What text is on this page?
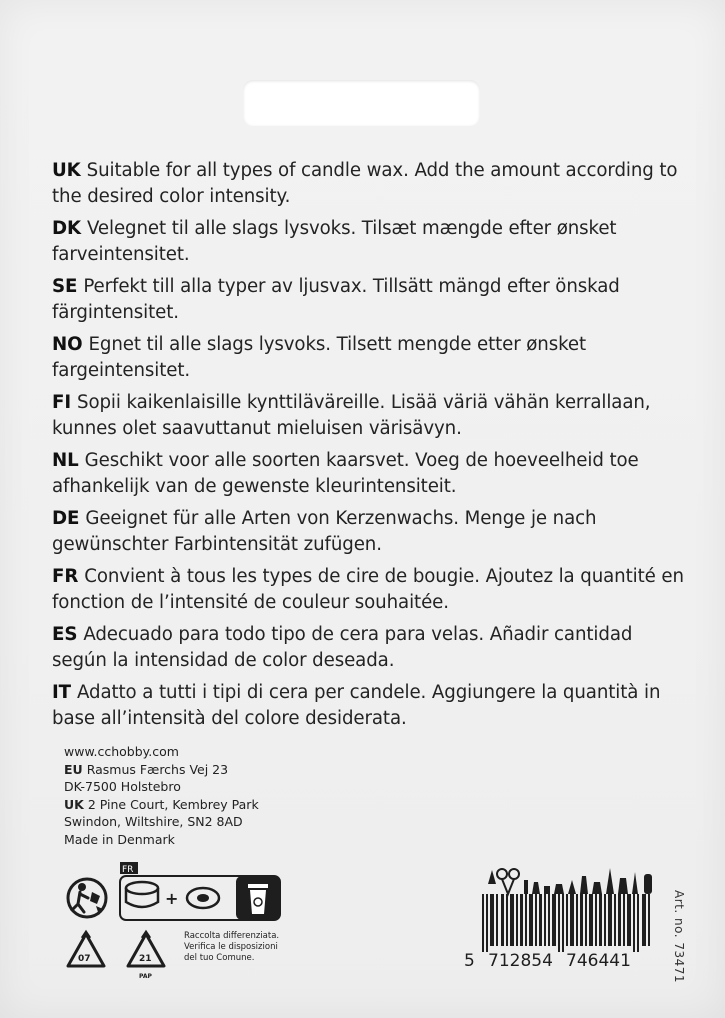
UK Suitable for all types of candle wax. Add the amount according to the desired color intensity.

DK Velegnet til alle slags lysvoks. Tilsæt mængde efter ønsket farveintensitet.

SE Perfekt till alla typer av ljusvax. Tillsätt mängd efter önskad färgintensitet.

NO Egnet til alle slags lysvoks. Tilsett mengde etter ønsket fargeintensitet.

FI Sopii kaikenlaisille kynttiläväreille. Lisää väriä vähän kerrallaan, kunnes olet saavuttanut mieluisen värisävyn.

NL Geschikt voor alle soorten kaarsvet. Voeg de hoeveelheid toe afhankelijk van de gewenste kleurintensiteit.

DE Geeignet für alle Arten von Kerzenwachs. Menge je nach gewünschter Farbintensität zufügen.

FR Convient à tous les types de cire de bougie. Ajoutez la quantité en fonction de l’intensité de couleur souhaitée.

ES Adecuado para todo tipo de cera para velas. Añadir cantidad según la intensidad de color deseada.

IT Adatto a tutti i tipi di cera per candele. Aggiungere la quantità in base all’intensità del colore desiderata.

www.cchobby.com
EU Rasmus Færchs Vej 23
DK-7500 Holstebro
UK 2 Pine Court, Kembrey Park
Swindon, Wiltshire, SN2 8AD
Made in Denmark
FR
+
07	21
PAP
Raccolta differenziata.
Verifica le disposizioni
del tuo Comune.	5 712854 746441	Art. no. 73471
